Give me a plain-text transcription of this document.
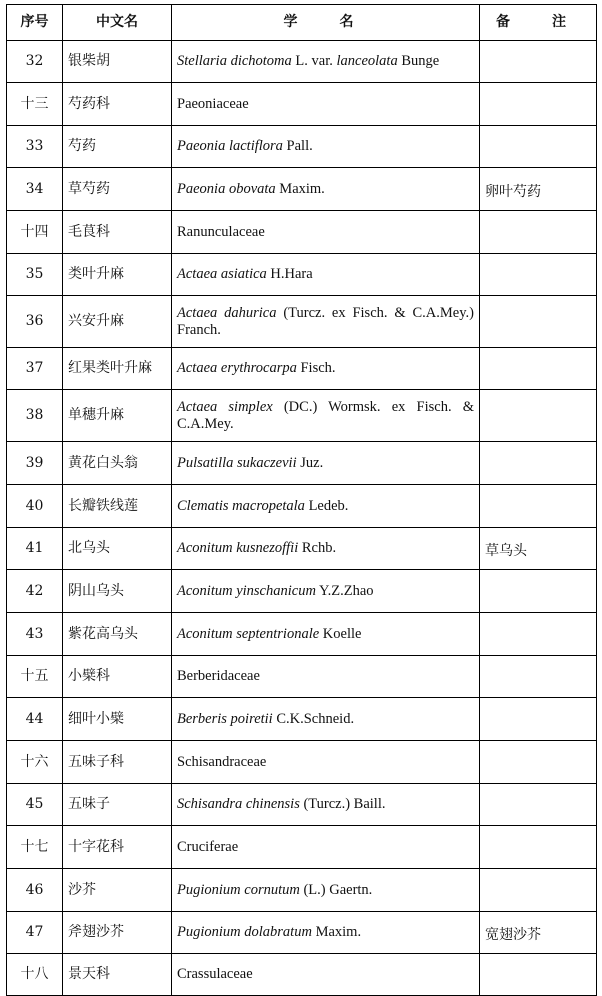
序号	中文名	学　名	备　注
32	银柴胡	Stellaria dichotoma L. var. lanceolata Bunge	
十三	芍药科	Paeoniaceae	
33	芍药	Paeonia lactiflora Pall.	
34	草芍药	Paeonia obovata Maxim.	卵叶芍药
十四	毛茛科	Ranunculaceae	
35	类叶升麻	Actaea asiatica H.Hara	
36	兴安升麻	Actaea dahurica (Turcz. ex Fisch. & C.A.Mey.) Franch.	
37	红果类叶升麻	Actaea erythrocarpa Fisch.	
38	单穗升麻	Actaea simplex (DC.) Wormsk. ex Fisch. & C.A.Mey.	
39	黄花白头翁	Pulsatilla sukaczevii Juz.	
40	长瓣铁线莲	Clematis macropetala Ledeb.	
41	北乌头	Aconitum kusnezoffii Rchb.	草乌头
42	阴山乌头	Aconitum yinschanicum Y.Z.Zhao	
43	紫花高乌头	Aconitum septentrionale Koelle	
十五	小檗科	Berberidaceae	
44	细叶小檗	Berberis poiretii C.K.Schneid.	
十六	五味子科	Schisandraceae	
45	五味子	Schisandra chinensis (Turcz.) Baill.	
十七	十字花科	Cruciferae	
46	沙芥	Pugionium cornutum (L.) Gaertn.	
47	斧翅沙芥	Pugionium dolabratum Maxim.	宽翅沙芥
十八	景天科	Crassulaceae	
